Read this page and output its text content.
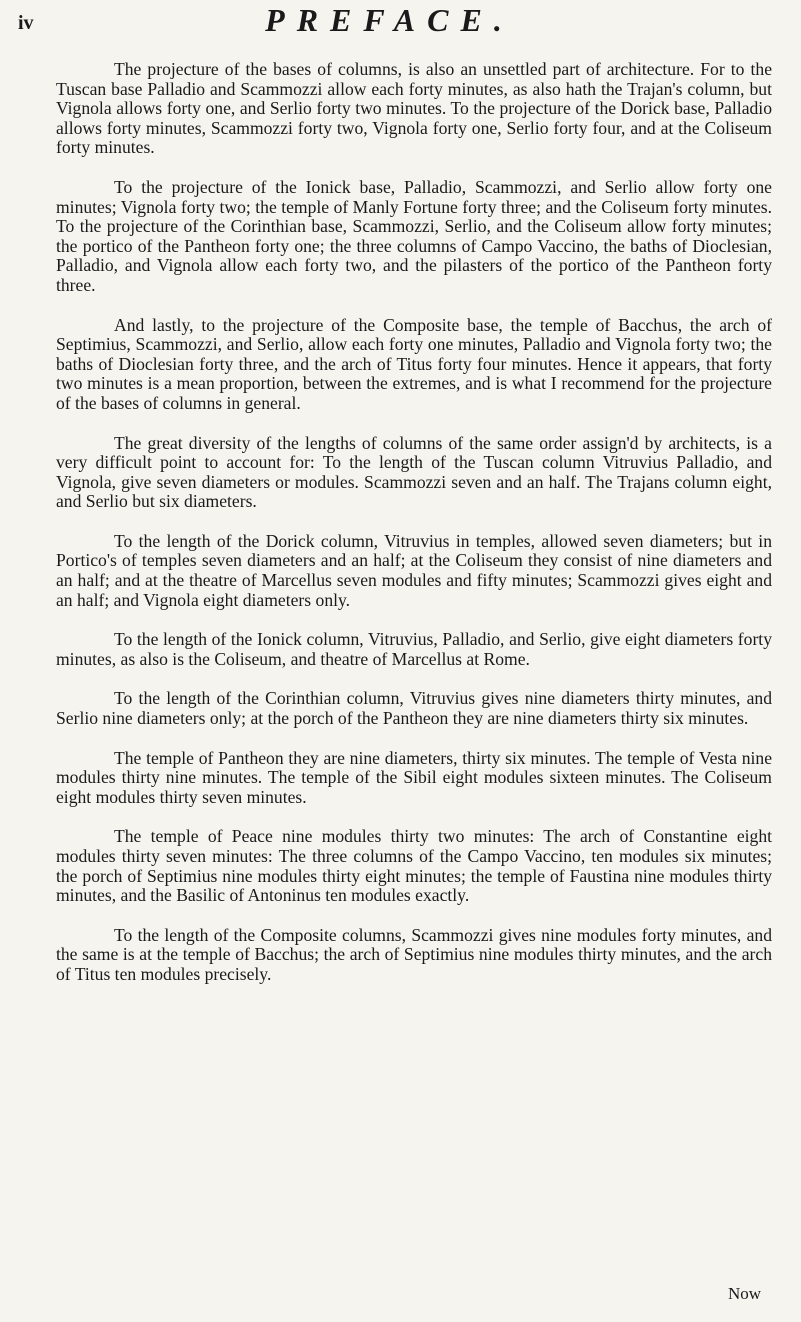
iv	PREFACE.

The projecture of the bases of columns, is also an unsettled part of architecture. For to the Tuscan base Palladio and Scammozzi allow each forty minutes, as also hath the Trajan's column, but Vignola allows forty one, and Serlio forty two minutes. To the projecture of the Dorick base, Palladio allows forty minutes, Scammozzi forty two, Vignola forty one, Serlio forty four, and at the Coliseum forty minutes.

To the projecture of the Ionick base, Palladio, Scammozzi, and Serlio allow forty one minutes; Vignola forty two; the temple of Manly Fortune forty three; and the Coliseum forty minutes. To the projecture of the Corinthian base, Scammozzi, Serlio, and the Coliseum allow forty minutes; the portico of the Pantheon forty one; the three columns of Campo Vaccino, the baths of Dioclesian, Palladio, and Vignola allow each forty two, and the pilasters of the portico of the Pantheon forty three.

And lastly, to the projecture of the Composite base, the temple of Bacchus, the arch of Septimius, Scammozzi, and Serlio, allow each forty one minutes, Palladio and Vignola forty two; the baths of Dioclesian forty three, and the arch of Titus forty four minutes. Hence it appears, that forty two minutes is a mean proportion, between the extremes, and is what I recommend for the projecture of the bases of columns in general.

The great diversity of the lengths of columns of the same order assign'd by architects, is a very difficult point to account for: To the length of the Tuscan column Vitruvius Palladio, and Vignola, give seven diameters or modules. Scammozzi seven and an half. The Trajans column eight, and Serlio but six diameters.

To the length of the Dorick column, Vitruvius in temples, allowed seven diameters; but in Portico's of temples seven diameters and an half; at the Coliseum they consist of nine diameters and an half; and at the theatre of Marcellus seven modules and fifty minutes; Scammozzi gives eight and an half; and Vignola eight diameters only.

To the length of the Ionick column, Vitruvius, Palladio, and Serlio, give eight diameters forty minutes, as also is the Coliseum, and theatre of Marcellus at Rome.

To the length of the Corinthian column, Vitruvius gives nine diameters thirty minutes, and Serlio nine diameters only; at the porch of the Pantheon they are nine diameters thirty six minutes.

The temple of Pantheon they are nine diameters, thirty six minutes. The temple of Vesta nine modules thirty nine minutes. The temple of the Sibil eight modules sixteen minutes. The Coliseum eight modules thirty seven minutes.

The temple of Peace nine modules thirty two minutes: The arch of Constantine eight modules thirty seven minutes: The three columns of the Campo Vaccino, ten modules six minutes; the porch of Septimius nine modules thirty eight minutes; the temple of Faustina nine modules thirty minutes, and the Basilic of Antoninus ten modules exactly.

To the length of the Composite columns, Scammozzi gives nine modules forty minutes, and the same is at the temple of Bacchus; the arch of Septimius nine modules thirty minutes, and the arch of Titus ten modules precisely.

Now
